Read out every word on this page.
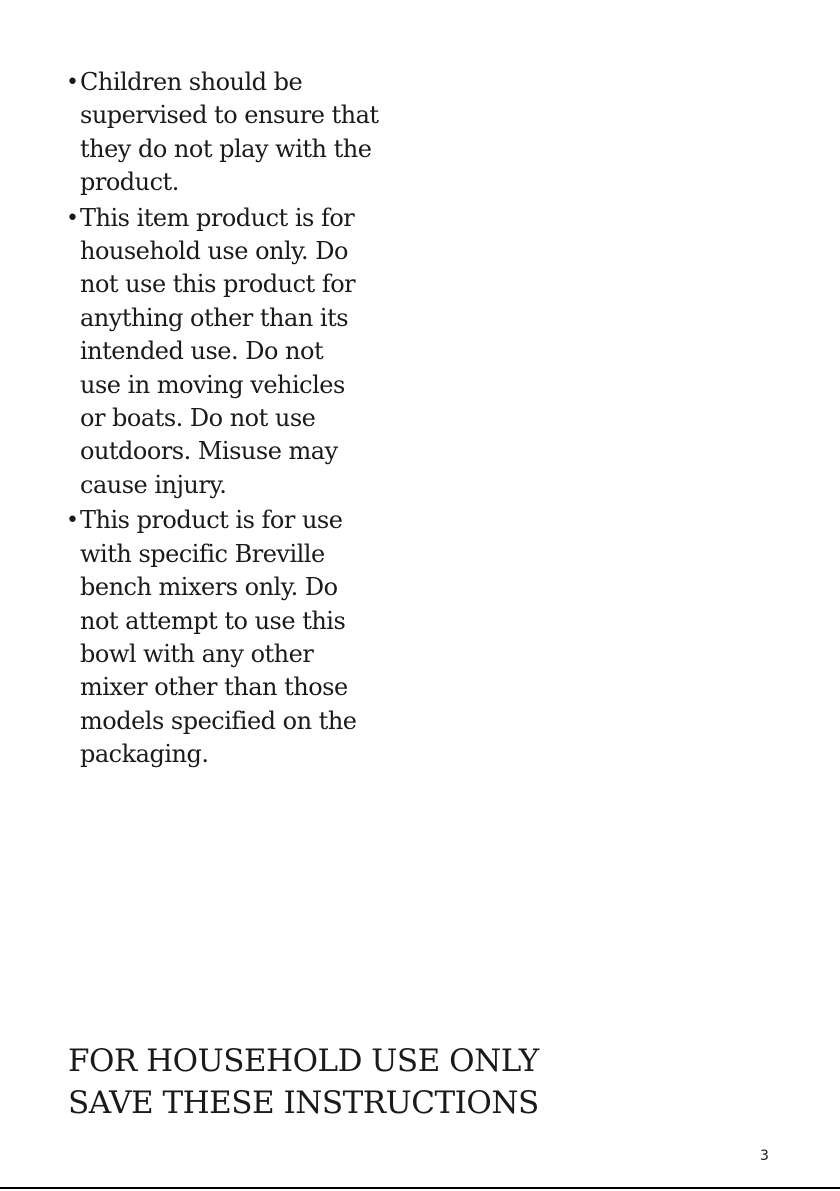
• Children should be
supervised to ensure that
they do not play with the
product.
• This item product is for
household use only. Do
not use this product for
anything other than its
intended use. Do not
use in moving vehicles
or boats. Do not use
outdoors. Misuse may
cause injury.
• This product is for use
with specific Breville
bench mixers only. Do
not attempt to use this
bowl with any other
mixer other than those
models specified on the
packaging.
FOR HOUSEHOLD USE ONLY
SAVE THESE INSTRUCTIONS
3
